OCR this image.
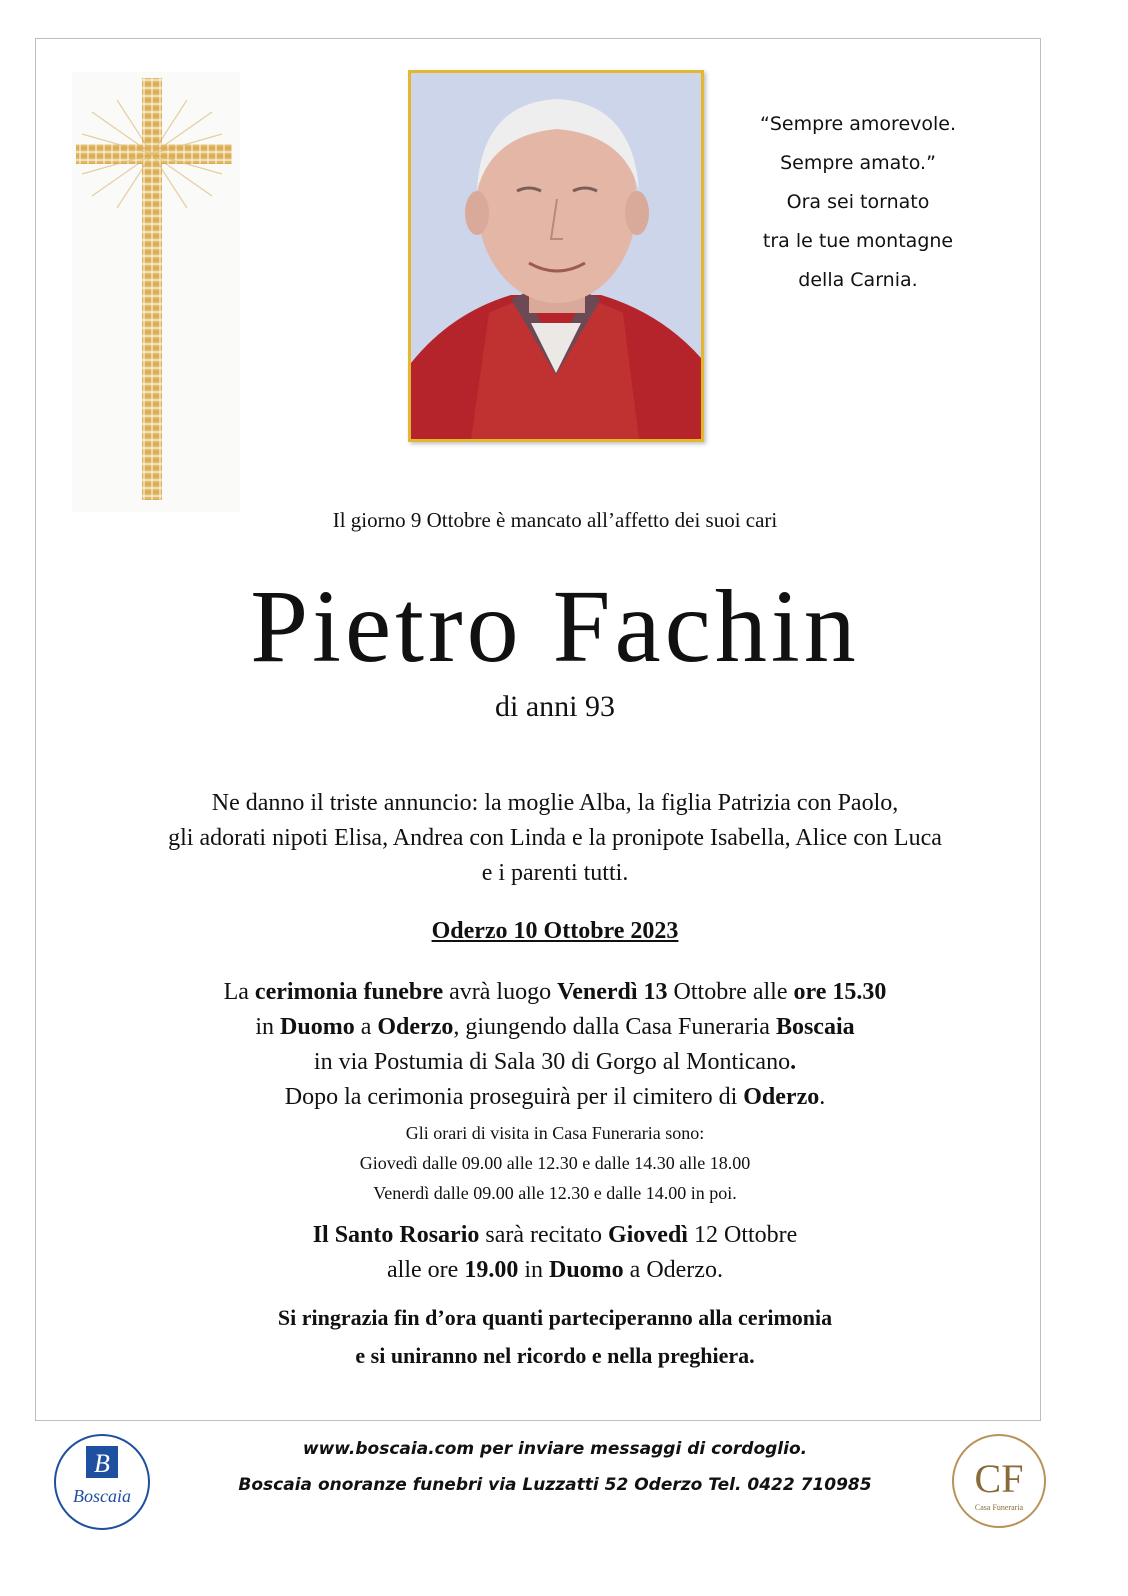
“Sempre amorevole.
Sempre amato.”
Ora sei tornato
tra le tue montagne
della Carnia.
Il giorno 9 Ottobre è mancato all’affetto dei suoi cari
Pietro Fachin
di anni 93
Ne danno il triste annuncio: la moglie Alba, la figlia Patrizia con Paolo,
gli adorati nipoti Elisa, Andrea con Linda e la pronipote Isabella, Alice con Luca
e i parenti tutti.
Oderzo 10 Ottobre 2023
La cerimonia funebre avrà luogo Venerdì 13 Ottobre alle ore 15.30
in Duomo a Oderzo, giungendo dalla Casa Funeraria Boscaia
in via Postumia di Sala 30 di Gorgo al Monticano.
Dopo la cerimonia proseguirà per il cimitero di Oderzo.
Gli orari di visita in Casa Funeraria sono:
Giovedì dalle 09.00 alle 12.30 e dalle 14.30 alle 18.00
Venerdì dalle 09.00 alle 12.30 e dalle 14.00 in poi.
Il Santo Rosario sarà recitato Giovedì 12 Ottobre
alle ore 19.00 in Duomo a Oderzo.
Si ringrazia fin d’ora quanti parteciperanno alla cerimonia
e si uniranno nel ricordo e nella preghiera.
B
Boscaia
www.boscaia.com per inviare messaggi di cordoglio.
Boscaia onoranze funebri via Luzzatti 52 Oderzo Tel. 0422 710985	CF
Casa Funeraria
